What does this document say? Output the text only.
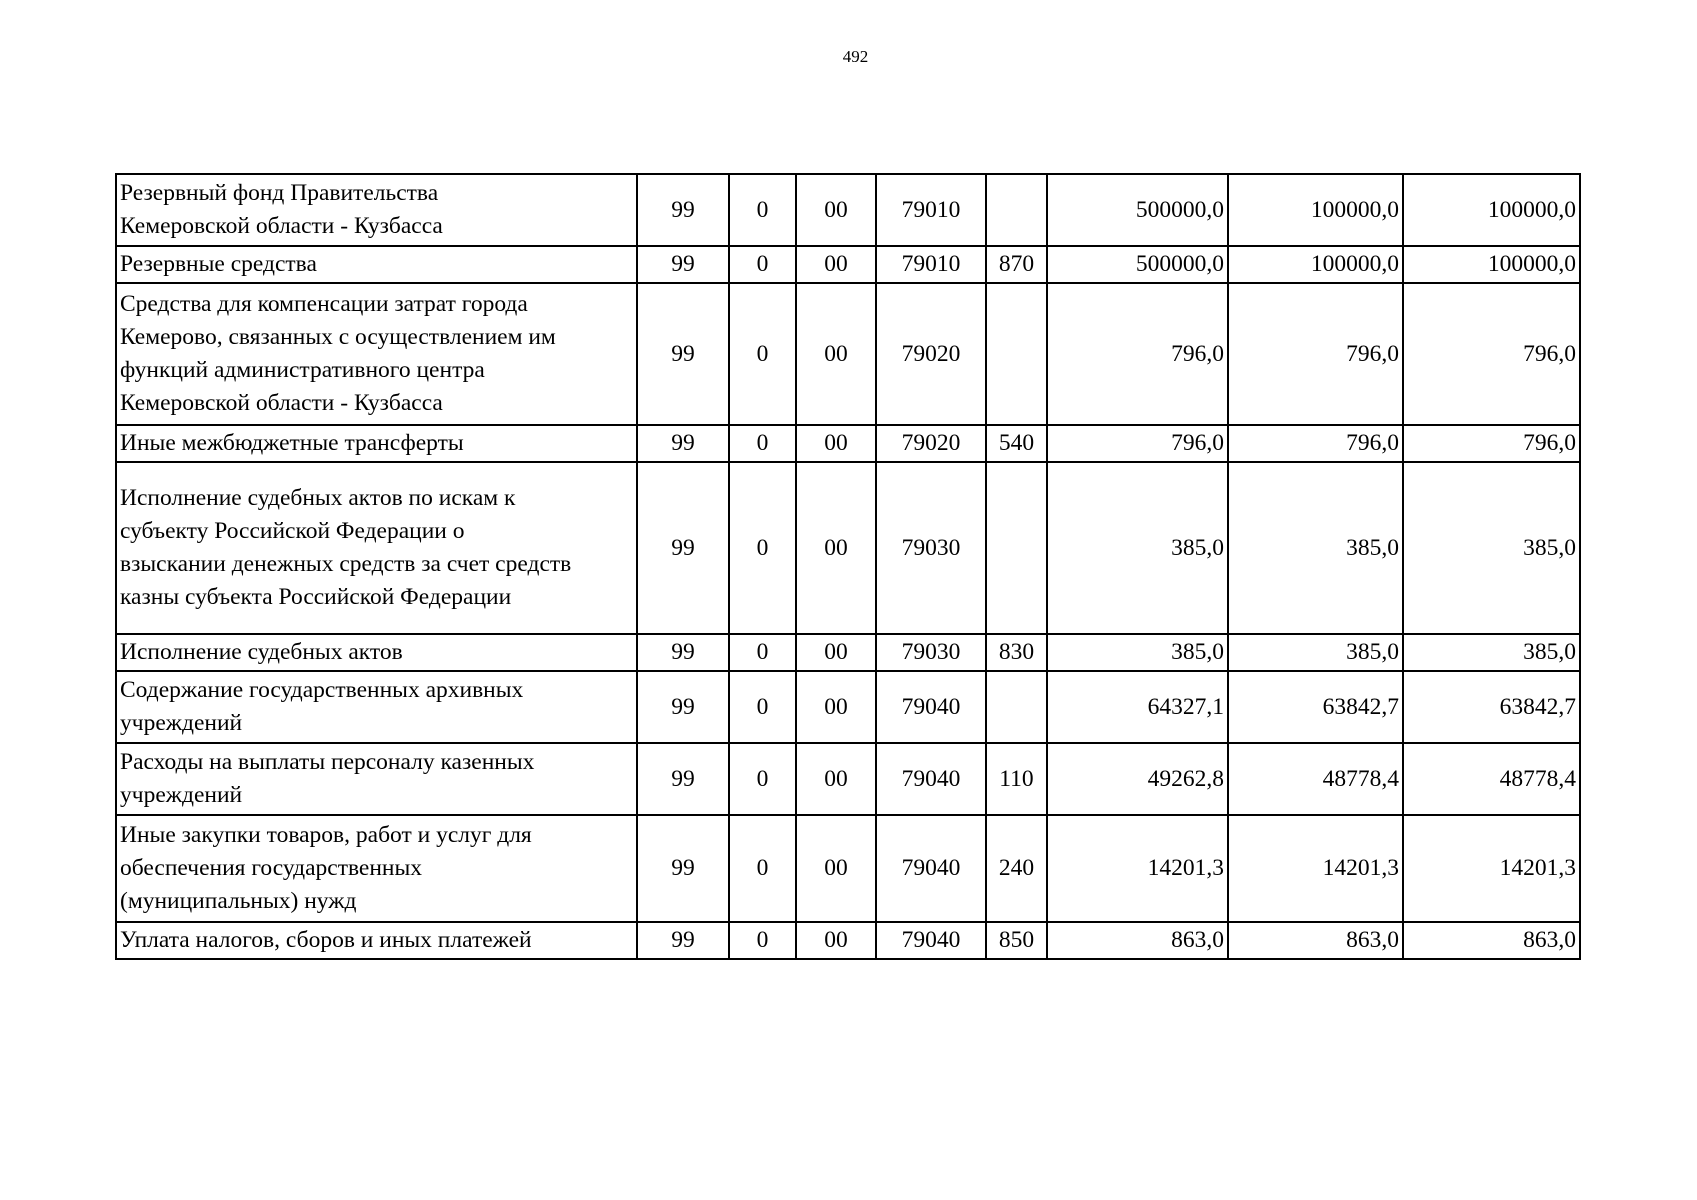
492
Резервный фонд Правительства
Кемеровской области - Кузбасса	99	0	00	79010		500000,0	100000,0	100000,0

Резервные средства	99	0	00	79010	870	500000,0	100000,0	100000,0

Средства для компенсации затрат города
Кемерово, связанных с осуществлением им
функций административного центра
Кемеровской области - Кузбасса	99	0	00	79020		796,0	796,0	796,0

Иные межбюджетные трансферты	99	0	00	79020	540	796,0	796,0	796,0

Исполнение судебных актов по искам к
субъекту Российской Федерации о
взыскании денежных средств за счет средств
казны субъекта Российской Федерации	99	0	00	79030		385,0	385,0	385,0

Исполнение судебных актов	99	0	00	79030	830	385,0	385,0	385,0

Содержание государственных архивных
учреждений	99	0	00	79040		64327,1	63842,7	63842,7

Расходы на выплаты персоналу казенных
учреждений	99	0	00	79040	110	49262,8	48778,4	48778,4

Иные закупки товаров, работ и услуг для
обеспечения государственных
(муниципальных) нужд	99	0	00	79040	240	14201,3	14201,3	14201,3

Уплата налогов, сборов и иных платежей	99	0	00	79040	850	863,0	863,0	863,0
